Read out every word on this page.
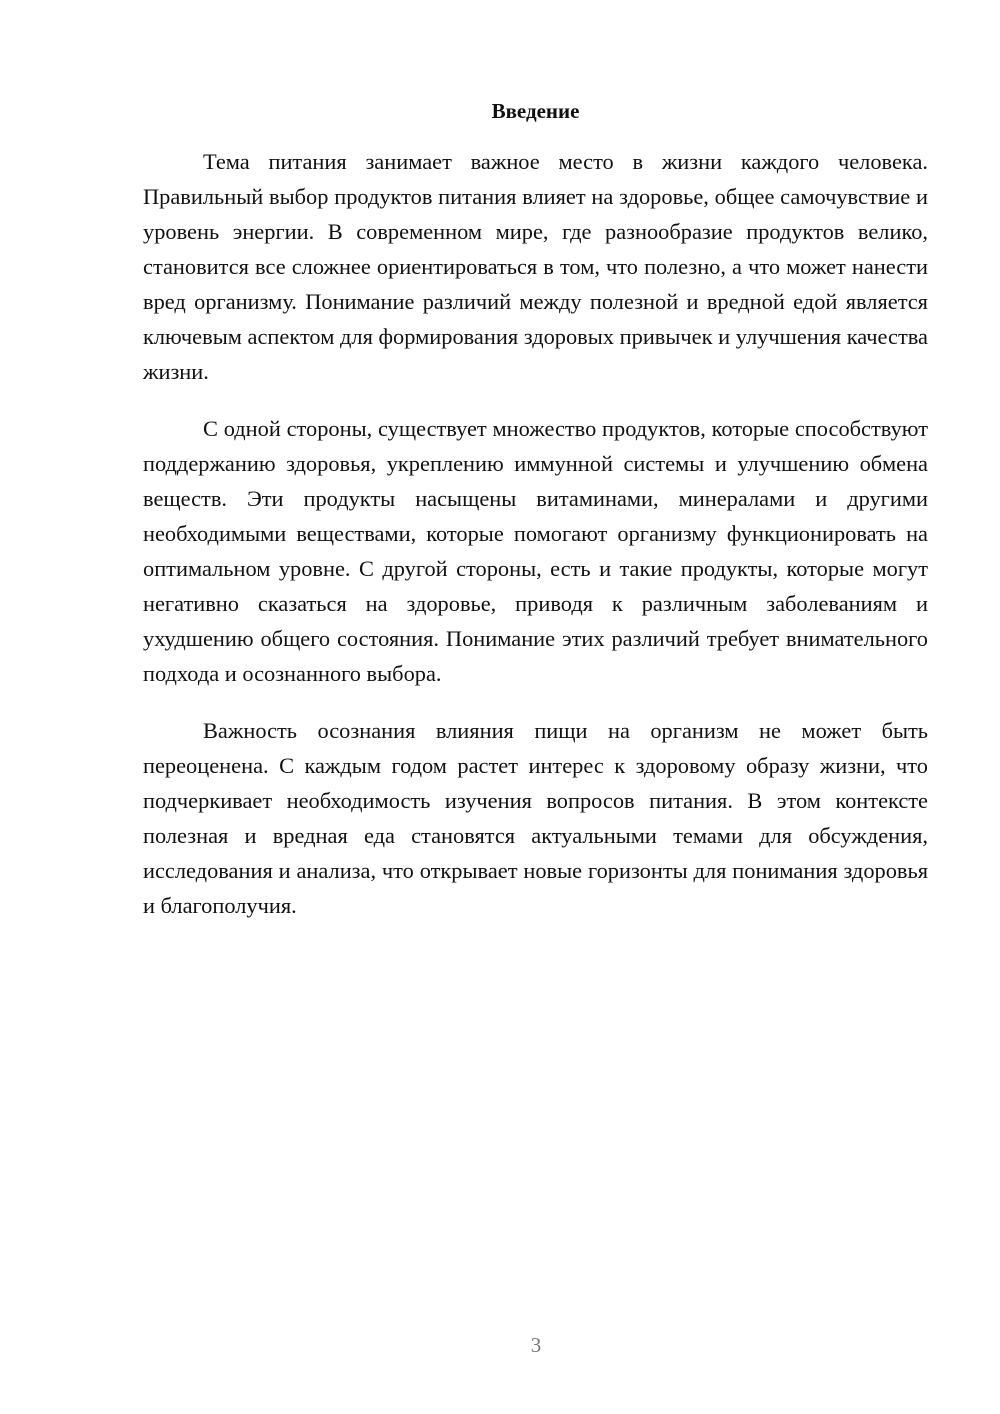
Введение

Тема питания занимает важное место в жизни каждого человека. Правильный выбор продуктов питания влияет на здоровье, общее самочувствие и уровень энергии. В современном мире, где разнообразие продуктов велико, становится все сложнее ориентироваться в том, что полезно, а что может нанести вред организму. Понимание различий между полезной и вредной едой является ключевым аспектом для формирования здоровых привычек и улучшения качества жизни.

С одной стороны, существует множество продуктов, которые способствуют поддержанию здоровья, укреплению иммунной системы и улучшению обмена веществ. Эти продукты насыщены витаминами, минералами и другими необходимыми веществами, которые помогают организму функционировать на оптимальном уровне. С другой стороны, есть и такие продукты, которые могут негативно сказаться на здоровье, приводя к различным заболеваниям и ухудшению общего состояния. Понимание этих различий требует внимательного подхода и осознанного выбора.

Важность осознания влияния пищи на организм не может быть переоценена. С каждым годом растет интерес к здоровому образу жизни, что подчеркивает необходимость изучения вопросов питания. В этом контексте полезная и вредная еда становятся актуальными темами для обсуждения, исследования и анализа, что открывает новые горизонты для понимания здоровья и благополучия.

3
